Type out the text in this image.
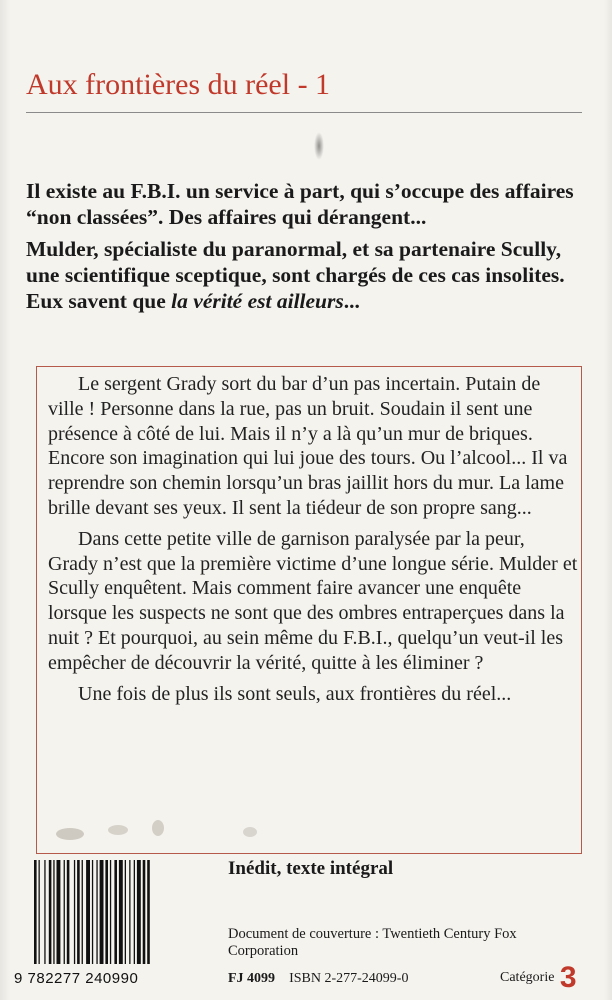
Aux frontières du réel - 1

Il existe au F.B.I. un service à part, qui s’occupe des affaires “non classées”. Des affaires qui dérangent...

Mulder, spécialiste du paranormal, et sa partenaire Scully, une scientifique sceptique, sont chargés de ces cas insolites. Eux savent que la vérité est ailleurs...

Le sergent Grady sort du bar d’un pas incertain. Putain de ville ! Personne dans la rue, pas un bruit. Soudain il sent une présence à côté de lui. Mais il n’y a là qu’un mur de briques. Encore son imagination qui lui joue des tours. Ou l’alcool... Il va reprendre son chemin lorsqu’un bras jaillit hors du mur. La lame brille devant ses yeux. Il sent la tiédeur de son propre sang...

Dans cette petite ville de garnison paralysée par la peur, Grady n’est que la première victime d’une longue série. Mulder et Scully enquêtent. Mais comment faire avancer une enquête lorsque les suspects ne sont que des ombres entraperçues dans la nuit ? Et pourquoi, au sein même du F.B.I., quelqu’un veut-il les empêcher de découvrir la vérité, quitte à les éliminer ?

Une fois de plus ils sont seuls, aux frontières du réel...

9 782277 240990
Inédit, texte intégral
Document de couverture : Twentieth Century Fox Corporation
FJ 4099 ISBN 2-277-24099-0	Catégorie 3
